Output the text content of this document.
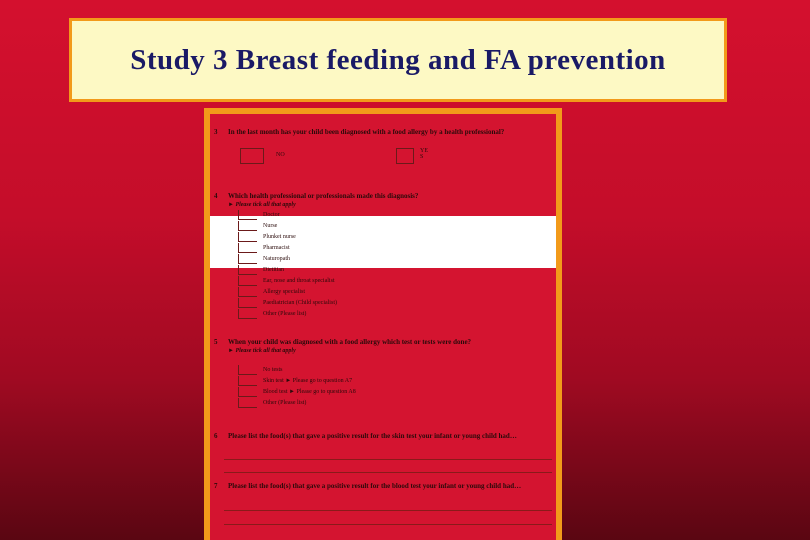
Study 3 Breast feeding and FA prevention
3 In the last month has your child been diagnosed with a food allergy by a health professional?
NO
YE S
4 Which health professional or professionals made this diagnosis?
► Please tick all that apply
Doctor
Nurse
Plunket nurse
Pharmacist
Naturopath
Dietitian
Ear, nose and throat specialist
Allergy specialist
Paediatrician (Child specialist)
Other (Please list)
5 When your child was diagnosed with a food allergy which test or tests were done?
► Please tick all that apply
No tests
Skin test ► Please go to question A7
Blood test ► Please go to question A8
Other (Please list)
6 Please list the food(s) that gave a positive result for the skin test your infant or young child had…
7 Please list the food(s) that gave a positive result for the blood test your infant or young child had…
